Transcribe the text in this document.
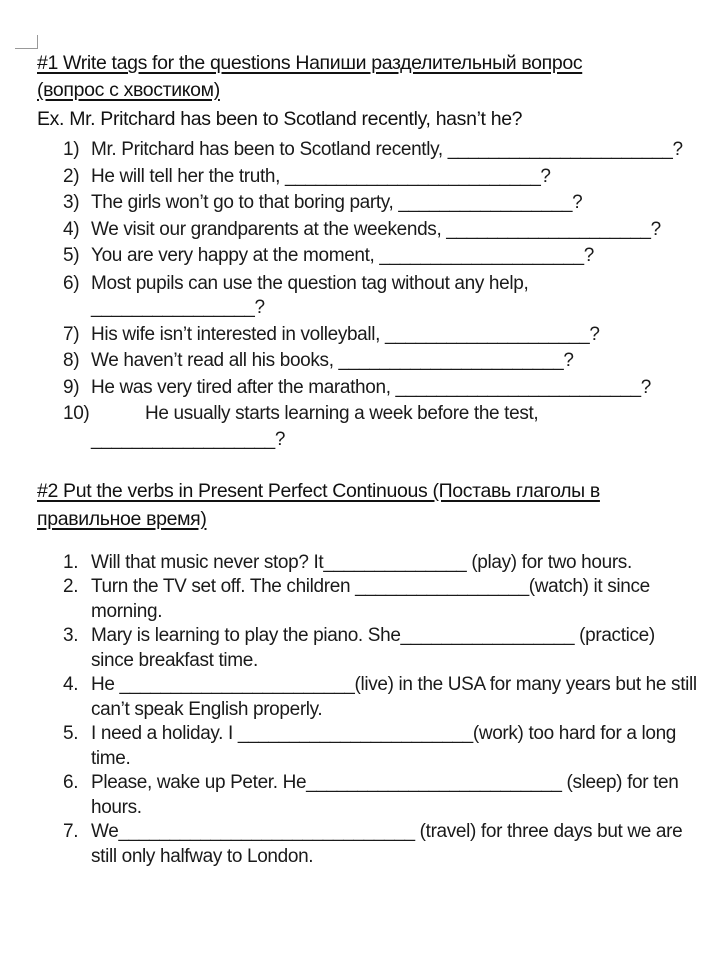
#1 Write tags for the questions Напиши разделительный вопрос
(вопрос с хвостиком)
Ex. Mr. Pritchard has been to Scotland recently, hasn’t he?
1) Mr. Pritchard has been to Scotland recently, ______________________?
2) He will tell her the truth, _________________________?
3) The girls won’t go to that boring party, _________________?
4) We visit our grandparents at the weekends, ____________________?
5) You are very happy at the moment, ____________________?
6) Most pupils can use the question tag without any help,
________________?
7) His wife isn’t interested in volleyball, ____________________?
8) We haven’t read all his books, ______________________?
9) He was very tired after the marathon, ________________________?
10)	He usually starts learning a week before the test,
__________________?
#2 Put the verbs in Present Perfect Continuous (Поставь глаголы в
правильное время)
1. Will that music never stop? It______________ (play) for two hours.
2. Turn the TV set off. The children _________________(watch) it since
morning.
3. Mary is learning to play the piano. She_________________ (practice)
since breakfast time.
4. He _______________________(live) in the USA for many years but he still
can’t speak English properly.
5. I need a holiday. I _______________________(work) too hard for a long
time.
6. Please, wake up Peter. He_________________________ (sleep) for ten
hours.
7. We_____________________________ (travel) for three days but we are
still only halfway to London.
